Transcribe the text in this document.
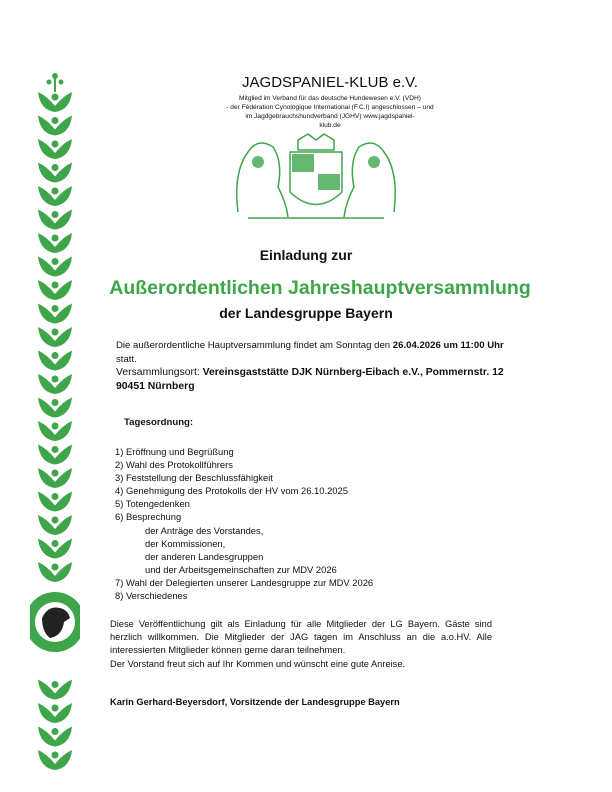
JAGDSPANIEL-KLUB e.V.
Mitglied im Verband für das deutsche Hundewesen e.V. (VDH)
- der Fédération Cynologique International (F.C.I) angeschlossen – und
im Jagdgebrauchshundverband (JGHV) www.jagdspaniel-
klub.de
Einladung zur
Außerordentlichen Jahreshauptversammlung
der Landesgruppe Bayern
Die außerordentliche Hauptversammlung findet am Sonntag den 26.04.2026 um 11:00 Uhr
statt.
Versammlungsort: Vereinsgaststätte DJK Nürnberg-Eibach e.V., Pommernstr. 12
90451 Nürnberg
Tagesordnung:
1) Eröffnung und Begrüßung
2) Wahl des Protokollführers
3) Feststellung der Beschlussfähigkeit
4) Genehmigung des Protokolls der HV vom 26.10.2025
5) Totengedenken
6) Besprechung
der Anträge des Vorstandes,
der Kommissionen,
der anderen Landesgruppen
und der Arbeitsgemeinschaften zur MDV 2026
7) Wahl der Delegierten unserer Landesgruppe zur MDV 2026
8) Verschiedenes
Diese Veröffentlichung gilt als Einladung für alle Mitglieder der LG Bayern. Gäste sind herzlich willkommen. Die Mitglieder der JAG tagen im Anschluss an die a.o.HV. Alle interessierten Mitglieder können gerne daran teilnehmen.
Der Vorstand freut sich auf Ihr Kommen und wünscht eine gute Anreise.
Karin Gerhard-Beyersdorf, Vorsitzende der Landesgruppe Bayern
